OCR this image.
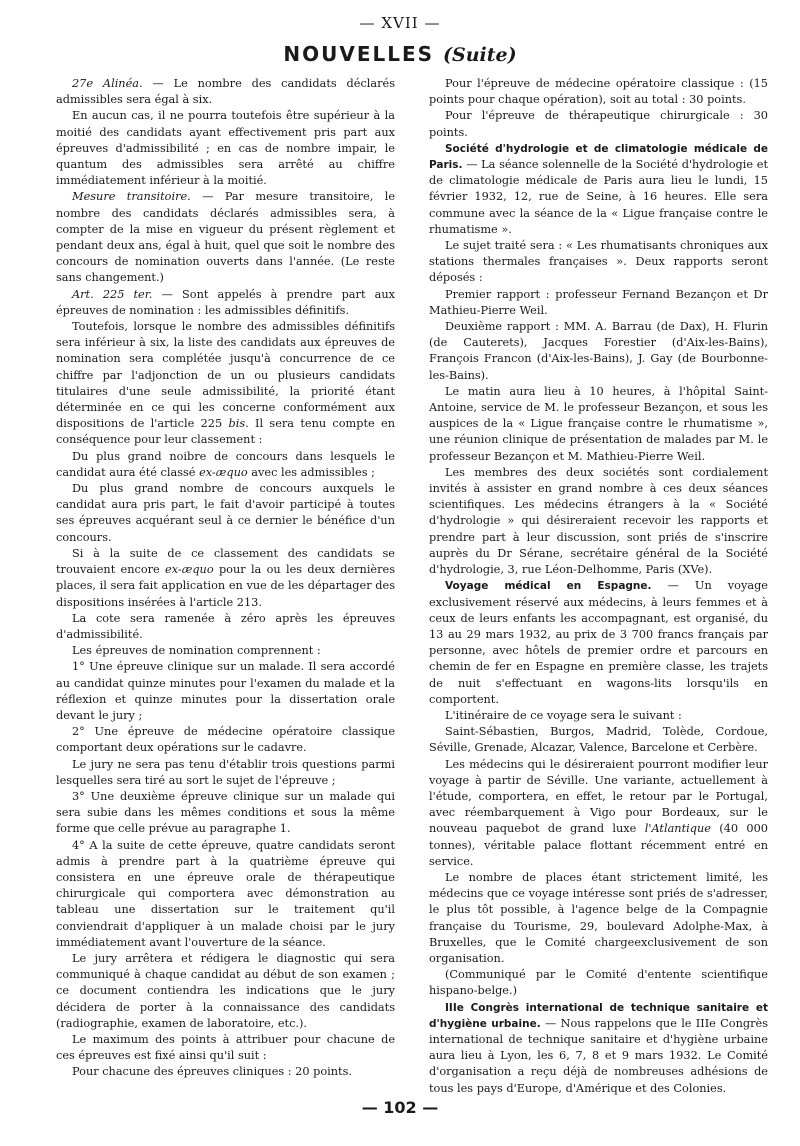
— XVII —
NOUVELLES (Suite)

27e Alinéa. — Le nombre des candidats déclarés admissibles sera égal à six.

En aucun cas, il ne pourra toutefois être supérieur à la moitié des candidats ayant effectivement pris part aux épreuves d'admissibilité ; en cas de nombre impair, le quantum des admissibles sera arrêté au chiffre immédiatement inférieur à la moitié.

Mesure transitoire. — Par mesure transitoire, le nombre des candidats déclarés admissibles sera, à compter de la mise en vigueur du présent règlement et pendant deux ans, égal à huit, quel que soit le nombre des concours de nomination ouverts dans l'année. (Le reste sans changement.)

Art. 225 ter. — Sont appelés à prendre part aux épreuves de nomination : les admissibles définitifs.

Toutefois, lorsque le nombre des admissibles définitifs sera inférieur à six, la liste des candidats aux épreuves de nomination sera complétée jusqu'à concurrence de ce chiffre par l'adjonction de un ou plusieurs candidats titulaires d'une seule admissibilité, la priorité étant déterminée en ce qui les concerne conformément aux dispositions de l'article 225 bis. Il sera tenu compte en conséquence pour leur classement :

Du plus grand noibre de concours dans lesquels le candidat aura été classé ex-æquo avec les admissibles ;

Du plus grand nombre de concours auxquels le candidat aura pris part, le fait d'avoir participé à toutes ses épreuves acquérant seul à ce dernier le bénéfice d'un concours.

Si à la suite de ce classement des candidats se trouvaient encore ex-æquo pour la ou les deux dernières places, il sera fait application en vue de les départager des dispositions insérées à l'article 213.

La cote sera ramenée à zéro après les épreuves d'admissibilité.

Les épreuves de nomination comprennent :

1° Une épreuve clinique sur un malade. Il sera accordé au candidat quinze minutes pour l'examen du malade et la réflexion et quinze minutes pour la dissertation orale devant le jury ;

2° Une épreuve de médecine opératoire classique comportant deux opérations sur le cadavre.

Le jury ne sera pas tenu d'établir trois questions parmi lesquelles sera tiré au sort le sujet de l'épreuve ;

3° Une deuxième épreuve clinique sur un malade qui sera subie dans les mêmes conditions et sous la même forme que celle prévue au paragraphe 1.

4° A la suite de cette épreuve, quatre candidats seront admis à prendre part à la quatrième épreuve qui consistera en une épreuve orale de thérapeutique chirurgicale qui comportera avec démonstration au tableau une dissertation sur le traitement qu'il conviendrait d'appliquer à un malade choisi par le jury immédiatement avant l'ouverture de la séance.

Le jury arrêtera et rédigera le diagnostic qui sera communiqué à chaque candidat au début de son examen ; ce document contiendra les indications que le jury décidera de porter à la connaissance des candidats (radiographie, examen de laboratoire, etc.).

Le maximum des points à attribuer pour chacune de ces épreuves est fixé ainsi qu'il suit :

Pour chacune des épreuves cliniques : 20 points.

Pour l'épreuve de médecine opératoire classique : (15 points pour chaque opération), soit au total : 30 points.

Pour l'épreuve de thérapeutique chirurgicale : 30 points.

Société d'hydrologie et de climatologie médicale de Paris. — La séance solennelle de la Société d'hydrologie et de climatologie médicale de Paris aura lieu le lundi, 15 février 1932, 12, rue de Seine, à 16 heures. Elle sera commune avec la séance de la « Ligue française contre le rhumatisme ».

Le sujet traité sera : « Les rhumatisants chroniques aux stations thermales françaises ». Deux rapports seront déposés :

Premier rapport : professeur Fernand Bezançon et Dr Mathieu-Pierre Weil.

Deuxième rapport : MM. A. Barrau (de Dax), H. Flurin (de Cauterets), Jacques Forestier (d'Aix-les-Bains), François Francon (d'Aix-les-Bains), J. Gay (de Bourbonne-les-Bains).

Le matin aura lieu à 10 heures, à l'hôpital Saint-Antoine, service de M. le professeur Bezançon, et sous les auspices de la « Ligue française contre le rhumatisme », une réunion clinique de présentation de malades par M. le professeur Bezançon et M. Mathieu-Pierre Weil.

Les membres des deux sociétés sont cordialement invités à assister en grand nombre à ces deux séances scientifiques. Les médecins étrangers à la « Société d'hydrologie » qui désireraient recevoir les rapports et prendre part à leur discussion, sont priés de s'inscrire auprès du Dr Sérane, secrétaire général de la Société d'hydrologie, 3, rue Léon-Delhomme, Paris (XVe).

Voyage médical en Espagne. — Un voyage exclusivement réservé aux médecins, à leurs femmes et à ceux de leurs enfants les accompagnant, est organisé, du 13 au 29 mars 1932, au prix de 3 700 francs français par personne, avec hôtels de premier ordre et parcours en chemin de fer en Espagne en première classe, les trajets de nuit s'effectuant en wagons-lits lorsqu'ils en comportent.

L'itinéraire de ce voyage sera le suivant :

Saint-Sébastien, Burgos, Madrid, Tolède, Cordoue, Séville, Grenade, Alcazar, Valence, Barcelone et Cerbère.

Les médecins qui le désireraient pourront modifier leur voyage à partir de Séville. Une variante, actuellement à l'étude, comportera, en effet, le retour par le Portugal, avec réembarquement à Vigo pour Bordeaux, sur le nouveau paquebot de grand luxe l'Atlantique (40 000 tonnes), véritable palace flottant récemment entré en service.

Le nombre de places étant strictement limité, les médecins que ce voyage intéresse sont priés de s'adresser, le plus tôt possible, à l'agence belge de la Compagnie française du Tourisme, 29, boulevard Adolphe-Max, à Bruxelles, que le Comité chargeexclusivement de son organisation.

(Communiqué par le Comité d'entente scientifique hispano-belge.)

IIIe Congrès international de technique sanitaire et d'hygiène urbaine. — Nous rappelons que le IIIe Congrès international de technique sanitaire et d'hygiène urbaine aura lieu à Lyon, les 6, 7, 8 et 9 mars 1932. Le Comité d'organisation a reçu déjà de nombreuses adhésions de tous les pays d'Europe, d'Amérique et des Colonies.

— 102 —
